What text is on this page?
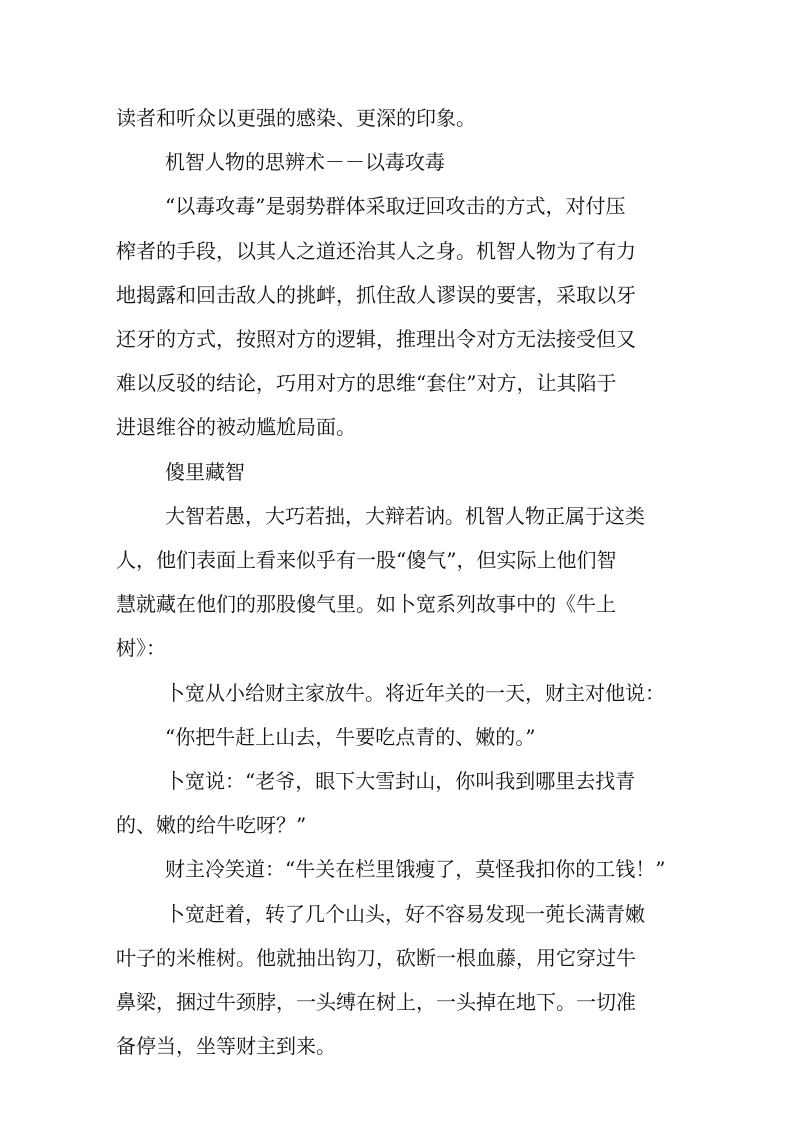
读者和听众以更强的感染、更深的印象。
机智人物的思辨术－－以毒攻毒
“以毒攻毒”是弱势群体采取迂回攻击的方式，对付压
榨者的手段，以其人之道还治其人之身。机智人物为了有力
地揭露和回击敌人的挑衅，抓住敌人谬误的要害，采取以牙
还牙的方式，按照对方的逻辑，推理出令对方无法接受但又
难以反驳的结论，巧用对方的思维“套住”对方，让其陷于
进退维谷的被动尴尬局面。
傻里藏智
大智若愚，大巧若拙，大辩若讷。机智人物正属于这类
人，他们表面上看来似乎有一股“傻气”，但实际上他们智
慧就藏在他们的那股傻气里。如卜宽系列故事中的《牛上
树》：
卜宽从小给财主家放牛。将近年关的一天，财主对他说：
“你把牛赶上山去，牛要吃点青的、嫩的。”
卜宽说：“老爷，眼下大雪封山，你叫我到哪里去找青
的、嫩的给牛吃呀？”
财主冷笑道：“牛关在栏里饿瘦了，莫怪我扣你的工钱！”
卜宽赶着，转了几个山头，好不容易发现一蔸长满青嫩
叶子的米椎树。他就抽出钩刀，砍断一根血藤，用它穿过牛
鼻梁，捆过牛颈脖，一头缚在树上，一头掉在地下。一切准
备停当，坐等财主到来。
